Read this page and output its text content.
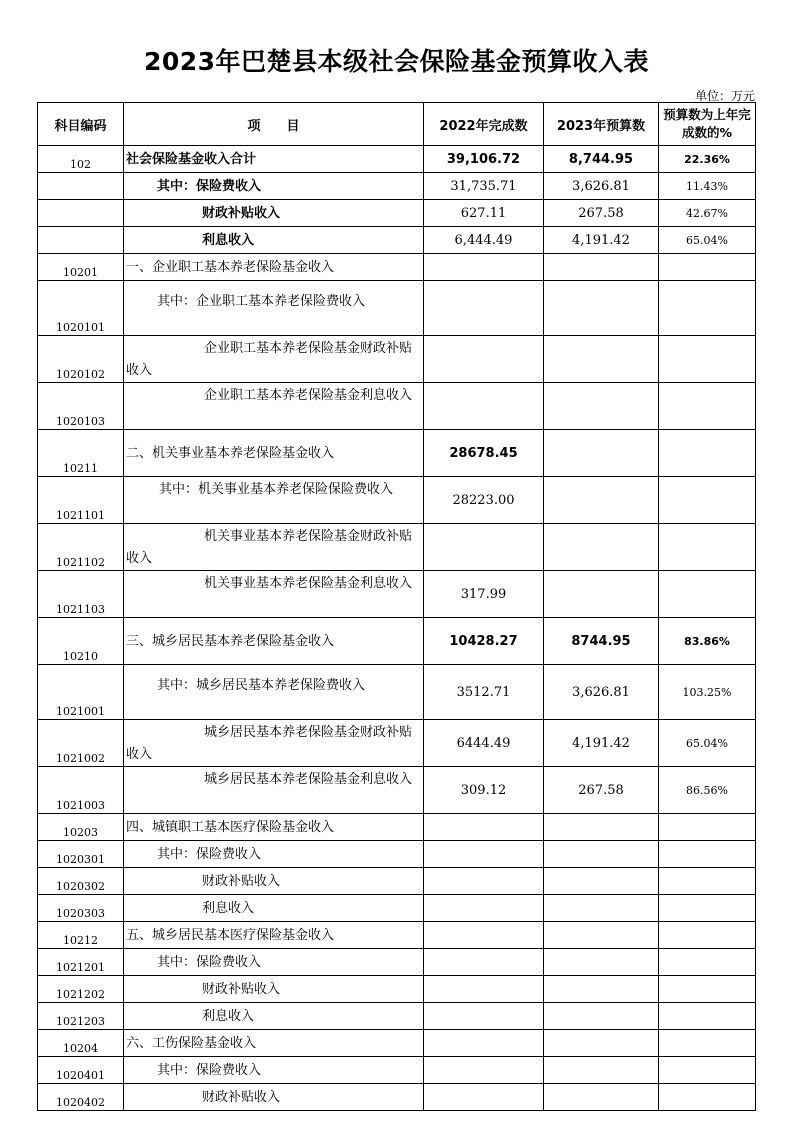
2023年巴楚县本级社会保险基金预算收入表
单位：万元
科目编码	项　　目	2022年完成数	2023年预算数	预算数为上年完成数的%
102	社会保险基金收入合计	39,106.72	8,744.95	22.36%
	其中：保险费收入	31,735.71	3,626.81	11.43%
	财政补贴收入	627.11	267.58	42.67%
	利息收入	6,444.49	4,191.42	65.04%
10201	一、企业职工基本养老保险基金收入			
1020101	其中：企业职工基本养老保险费收入			
1020102	企业职工基本养老保险基金财政补贴收入			
1020103	企业职工基本养老保险基金利息收入			
10211	二、机关事业基本养老保险基金收入	28678.45		
1021101	其中：机关事业基本养老保险保险费收入	28223.00		
1021102	机关事业基本养老保险基金财政补贴收入			
1021103	机关事业基本养老保险基金利息收入	317.99		
10210	三、城乡居民基本养老保险基金收入	10428.27	8744.95	83.86%
1021001	其中：城乡居民基本养老保险费收入	3512.71	3,626.81	103.25%
1021002	城乡居民基本养老保险基金财政补贴收入	6444.49	4,191.42	65.04%
1021003	城乡居民基本养老保险基金利息收入	309.12	267.58	86.56%
10203	四、城镇职工基本医疗保险基金收入			
1020301	其中：保险费收入			
1020302	财政补贴收入			
1020303	利息收入			
10212	五、城乡居民基本医疗保险基金收入			
1021201	其中：保险费收入			
1021202	财政补贴收入			
1021203	利息收入			
10204	六、工伤保险基金收入			
1020401	其中：保险费收入			
1020402	财政补贴收入			
